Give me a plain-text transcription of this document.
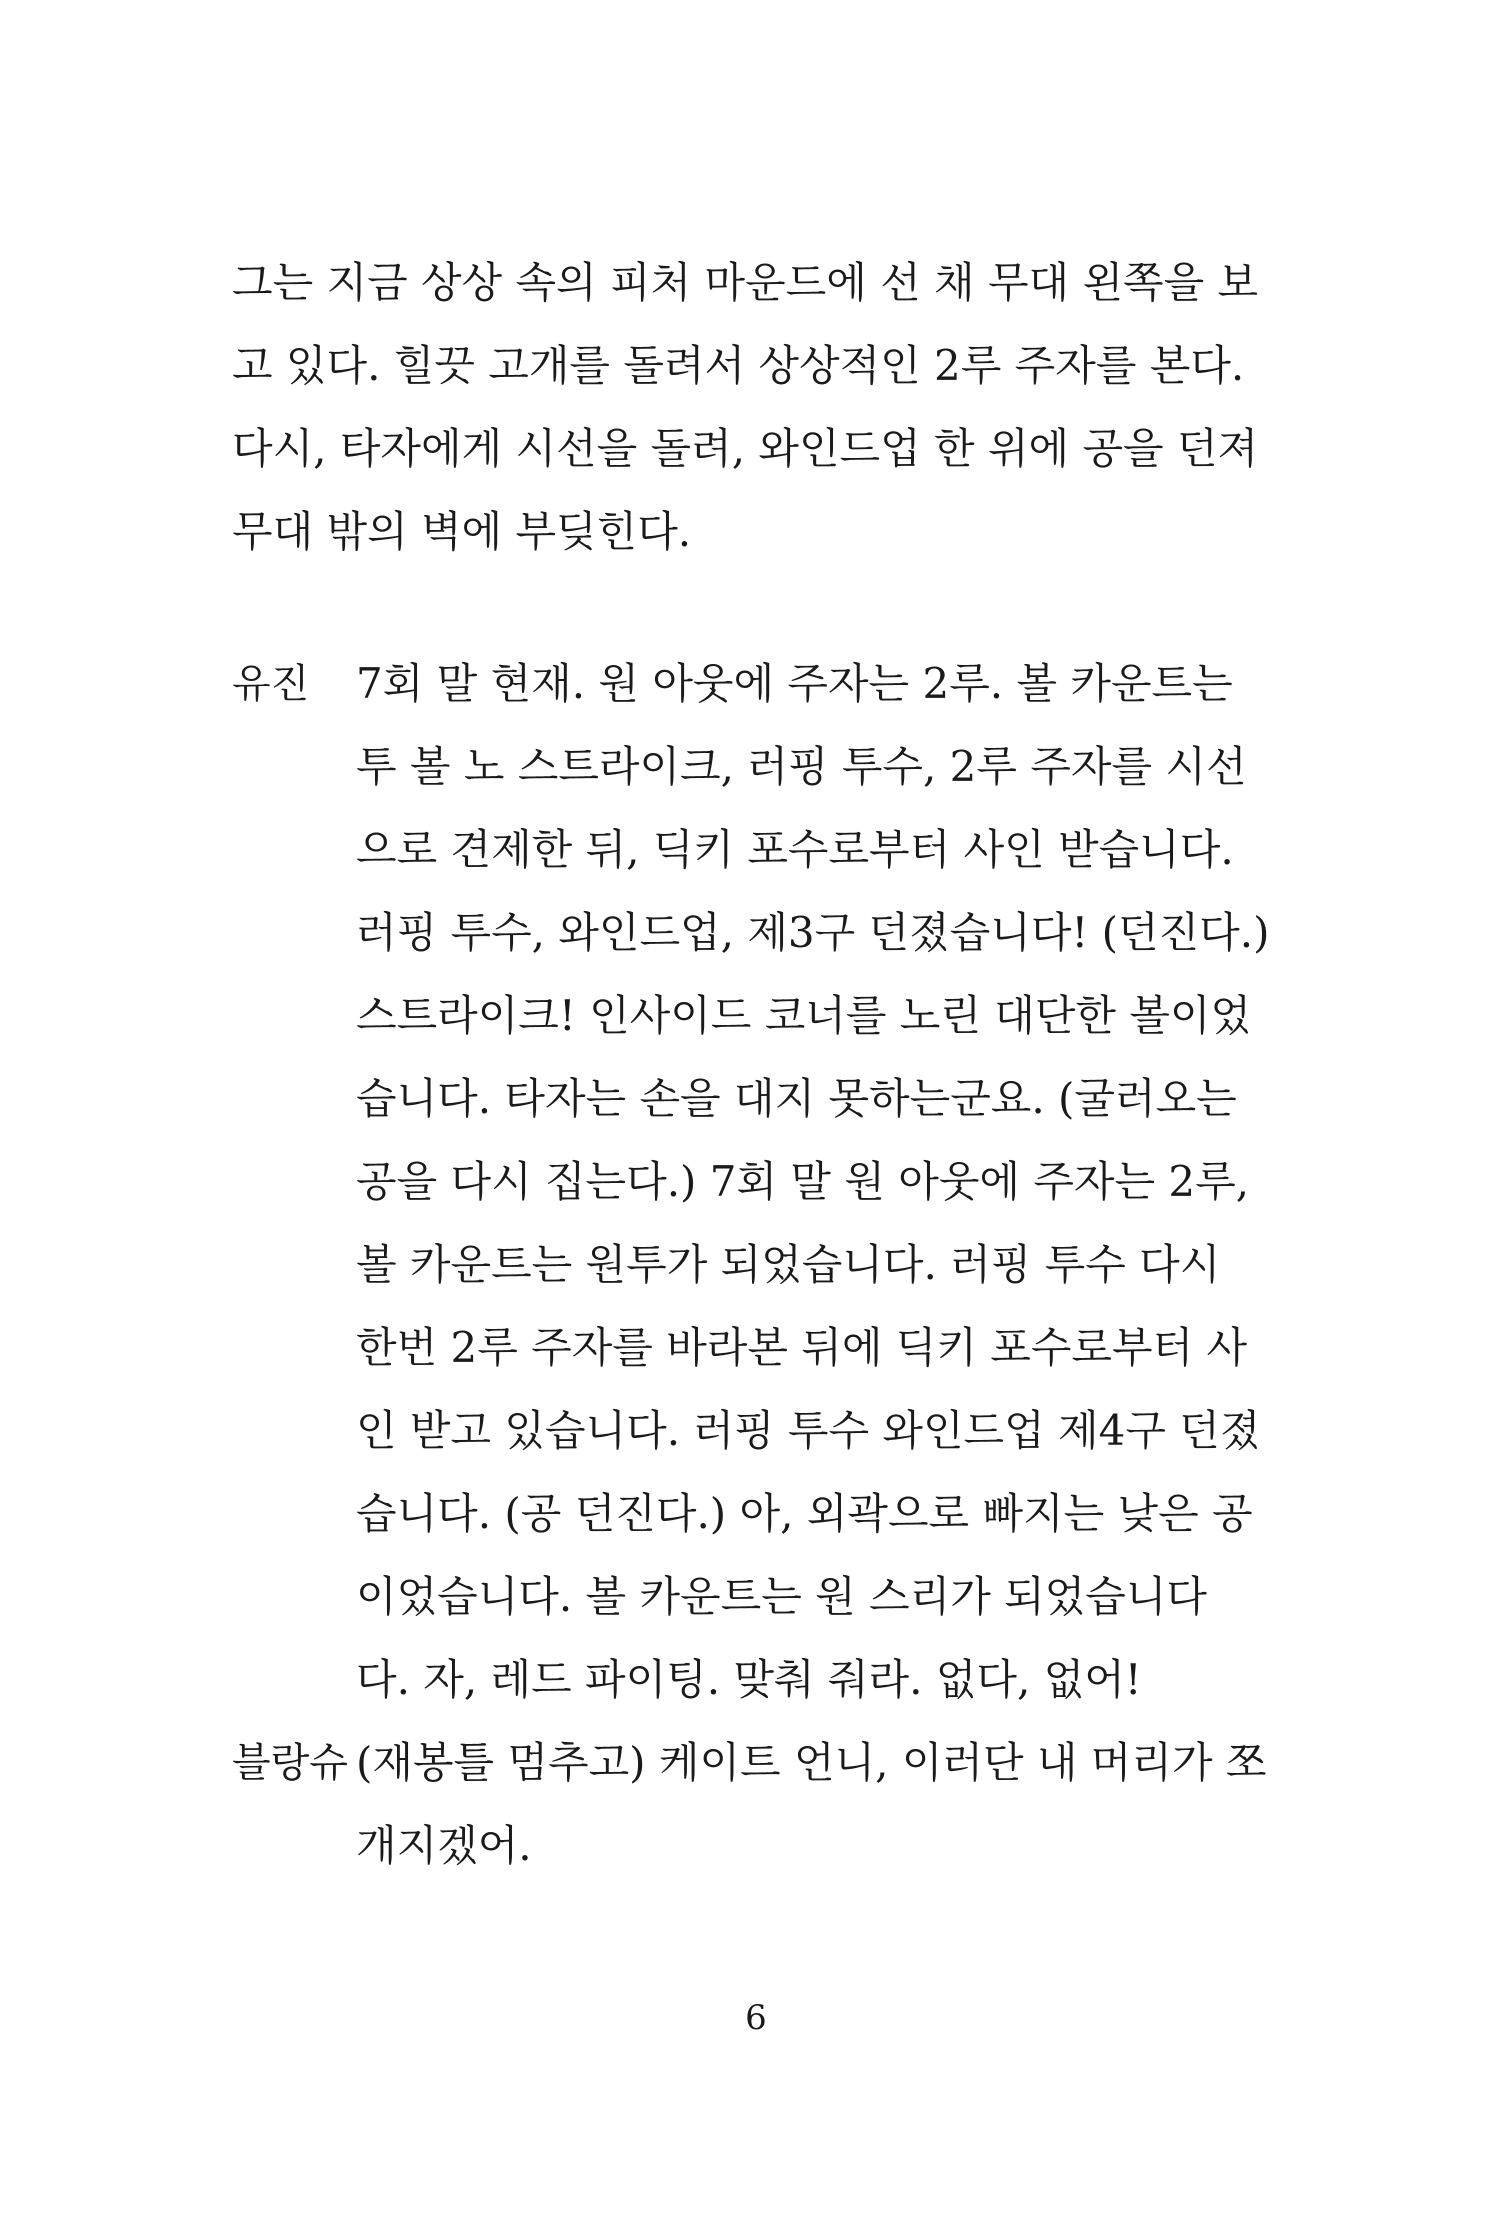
그는 지금 상상 속의 피처 마운드에 선 채 무대 왼쪽을 보
고 있다. 힐끗 고개를 돌려서 상상적인 2루 주자를 본다.
다시, 타자에게 시선을 돌려, 와인드업 한 위에 공을 던져
무대 밖의 벽에 부딪힌다.
유진 7회 말 현재. 원 아웃에 주자는 2루. 볼 카운트는
투 볼 노 스트라이크, 러핑 투수, 2루 주자를 시선
으로 견제한 뒤, 딕키 포수로부터 사인 받습니다.
러핑 투수, 와인드업, 제3구 던졌습니다! (던진다.)
스트라이크! 인사이드 코너를 노린 대단한 볼이었
습니다. 타자는 손을 대지 못하는군요. (굴러오는
공을 다시 집는다.) 7회 말 원 아웃에 주자는 2루,
볼 카운트는 원투가 되었습니다. 러핑 투수 다시
한번 2루 주자를 바라본 뒤에 딕키 포수로부터 사
인 받고 있습니다. 러핑 투수 와인드업 제4구 던졌
습니다. (공 던진다.) 아, 외곽으로 빠지는 낮은 공
이었습니다. 볼 카운트는 원 스리가 되었습니다
다. 자, 레드 파이팅. 맞춰 줘라. 없다, 없어!
블랑슈 (재봉틀 멈추고) 케이트 언니, 이러단 내 머리가 쪼
개지겠어.
6
